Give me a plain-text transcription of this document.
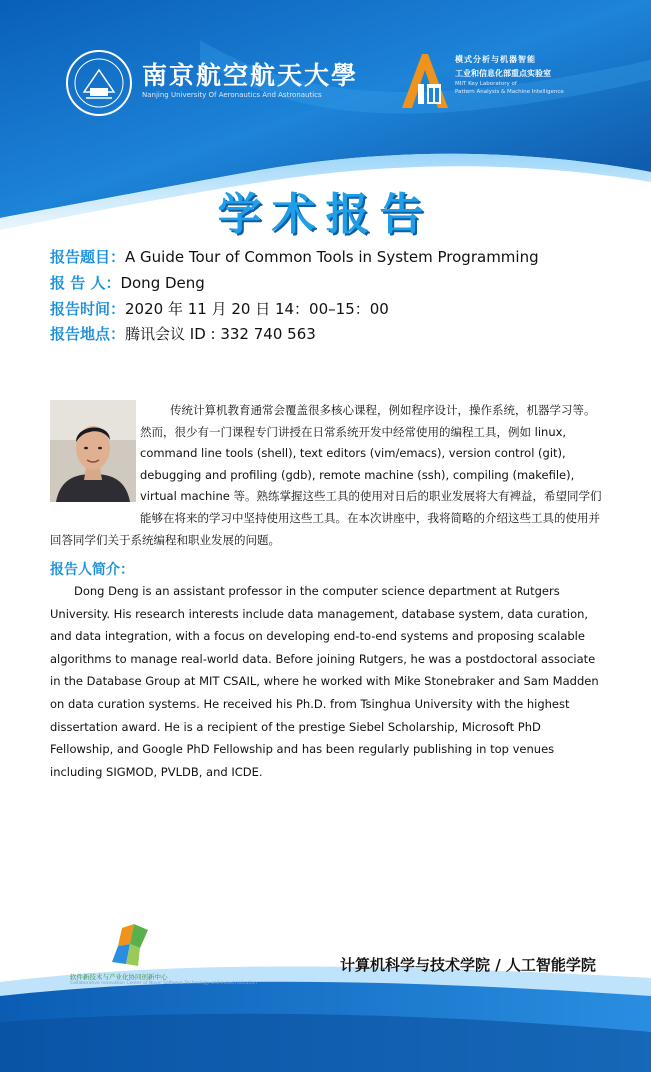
南京航空航天大學
Nanjing University Of Aeronautics And Astronautics
模式分析与机器智能
工业和信息化部重点实验室
MIIT Key Laboratory of
Pattern Analysis & Machine Intelligence
学术报告
报告题目：A Guide Tour of Common Tools in System Programming
报 告 人：Dong Deng
报告时间：2020 年 11 月 20 日 14：00–15：00
报告地点：腾讯会议 ID : 332 740 563
传统计算机教育通常会覆盖很多核心课程，例如程序设计，操作系统，机器学习等。然而，很少有一门课程专门讲授在日常系统开发中经常使用的编程工具，例如 linux, command line tools (shell), text editors (vim/emacs), version control (git), debugging and profiling (gdb), remote machine (ssh), compiling (makefile), virtual machine 等。熟练掌握这些工具的使用对日后的职业发展将大有裨益，希望同学们能够在将来的学习中坚持使用这些工具。在本次讲座中，我将简略的介绍这些工具的使用并回答同学们关于系统编程和职业发展的问题。
报告人简介：
Dong Deng is an assistant professor in the computer science department at Rutgers University. His research interests include data management, database system, data curation, and data integration, with a focus on developing end-to-end systems and proposing scalable algorithms to manage real-world data. Before joining Rutgers, he was a postdoctoral associate in the Database Group at MIT CSAIL, where he worked with Mike Stonebraker and Sam Madden on data curation systems. He received his Ph.D. from Tsinghua University with the highest dissertation award. He is a recipient of the prestige Siebel Scholarship, Microsoft PhD Fellowship, and Google PhD Fellowship and has been regularly publishing in top venues including SIGMOD, PVLDB, and ICDE.
软件新技术与产业化协同创新中心
Collaborative Innovation Center of Novel Software Technology and Industrialization
计算机科学与技术学院 / 人工智能学院
